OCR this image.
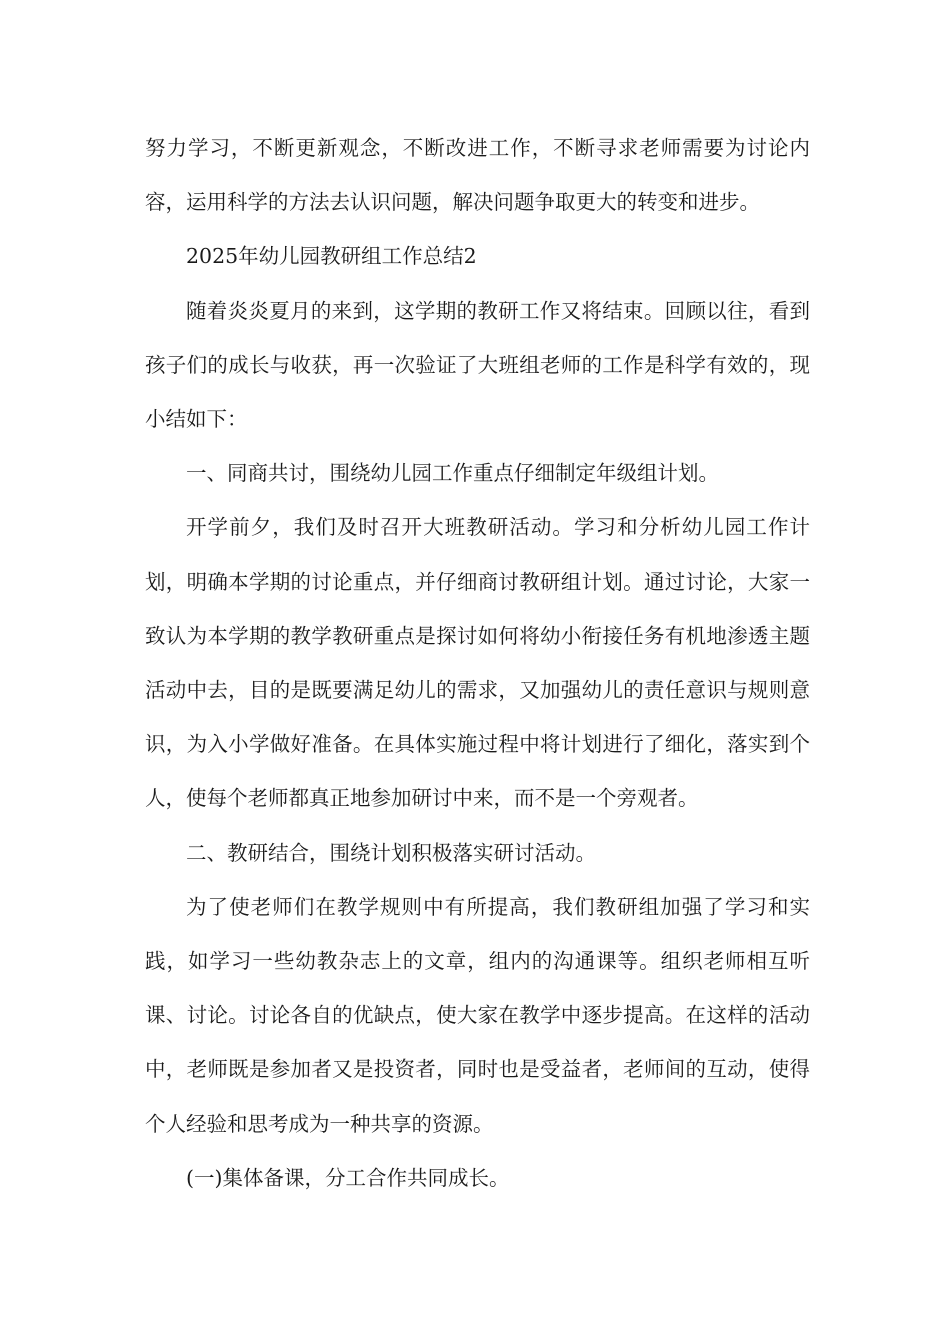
努力学习，不断更新观念，不断改进工作，不断寻求老师需要为讨论内容，运用科学的方法去认识问题，解决问题争取更大的转变和进步。

2025年幼儿园教研组工作总结2

随着炎炎夏月的来到，这学期的教研工作又将结束。回顾以往，看到孩子们的成长与收获，再一次验证了大班组老师的工作是科学有效的，现小结如下：

一、同商共讨，围绕幼儿园工作重点仔细制定年级组计划。

开学前夕，我们及时召开大班教研活动。学习和分析幼儿园工作计划，明确本学期的讨论重点，并仔细商讨教研组计划。通过讨论，大家一致认为本学期的教学教研重点是探讨如何将幼小衔接任务有机地渗透主题活动中去，目的是既要满足幼儿的需求，又加强幼儿的责任意识与规则意识，为入小学做好准备。在具体实施过程中将计划进行了细化，落实到个人，使每个老师都真正地参加研讨中来，而不是一个旁观者。

二、教研结合，围绕计划积极落实研讨活动。

为了使老师们在教学规则中有所提高，我们教研组加强了学习和实践，如学习一些幼教杂志上的文章，组内的沟通课等。组织老师相互听课、讨论。讨论各自的优缺点，使大家在教学中逐步提高。在这样的活动中，老师既是参加者又是投资者，同时也是受益者，老师间的互动，使得个人经验和思考成为一种共享的资源。

(一)集体备课，分工合作共同成长。
